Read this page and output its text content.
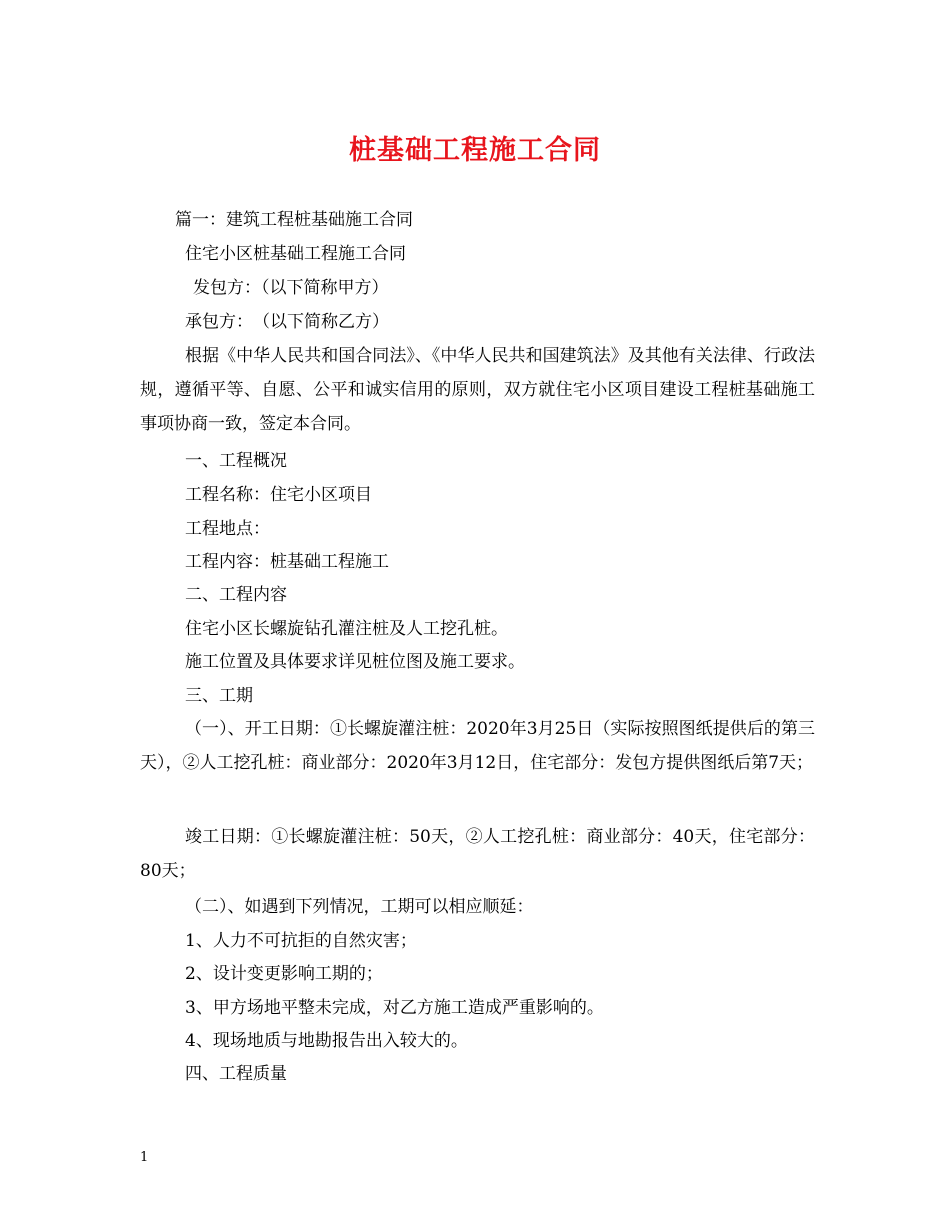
桩基础工程施工合同
篇一：建筑工程桩基础施工合同
住宅小区桩基础工程施工合同
发包方：（以下简称甲方）
承包方：　（以下简称乙方）
根据《中华人民共和国合同法》、《中华人民共和国建筑法》及其他有关法律、行政法规，遵循平等、自愿、公平和诚实信用的原则，双方就住宅小区项目建设工程桩基础施工事项协商一致，签定本合同。
一、工程概况
工程名称：住宅小区项目
工程地点：
工程内容：桩基础工程施工
二、工程内容
住宅小区长螺旋钻孔灌注桩及人工挖孔桩。
施工位置及具体要求详见桩位图及施工要求。
三、工期
（一）、开工日期：①长螺旋灌注桩：2020年3月25日（实际按照图纸提供后的第三天），②人工挖孔桩：商业部分：2020年3月12日，住宅部分：发包方提供图纸后第7天；
竣工日期：①长螺旋灌注桩：50天，②人工挖孔桩：商业部分：40天，住宅部分：80天；
（二）、如遇到下列情况，工期可以相应顺延：
1、人力不可抗拒的自然灾害；
2、设计变更影响工期的；
3、甲方场地平整未完成，对乙方施工造成严重影响的。
4、现场地质与地勘报告出入较大的。
四、工程质量
1
